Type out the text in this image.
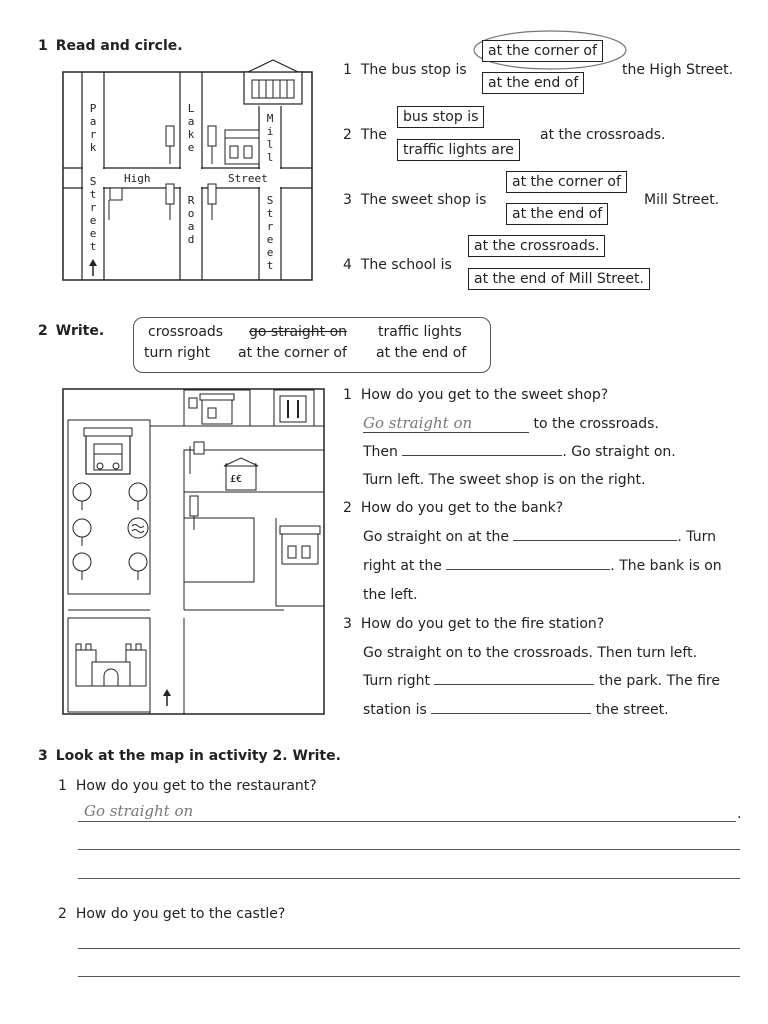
1 Read and circle.
P
a
r
k
S
t
r
e
e
t
L
a
k
e
R
o
a
d
M
i
l
l
S
t
r
e
e
t
High	Street
1 The bus stop is
at the corner of
at the end of
the High Street.
2 The
bus stop is
traffic lights are
at the crossroads.
3 The sweet shop is
at the corner of
at the end of
Mill Street.
4 The school is
at the crossroads.
at the end of Mill Street.
2 Write.	crossroads go straight on traffic lights
turn right at the corner of at the end of
£€
1 How do you get to the sweet shop?
Go straight on	to the crossroads.
Then	. Go straight on.
Turn left. The sweet shop is on the right.
2 How do you get to the bank?
Go straight on at the	. Turn
right at the	. The bank is on
the left.
3 How do you get to the fire station?
Go straight on to the crossroads. Then turn left.
Turn right	the park. The fire
station is	the street.
3 Look at the map in activity 2. Write.
1 How do you get to the restaurant?
Go straight on	.
2 How do you get to the castle?
